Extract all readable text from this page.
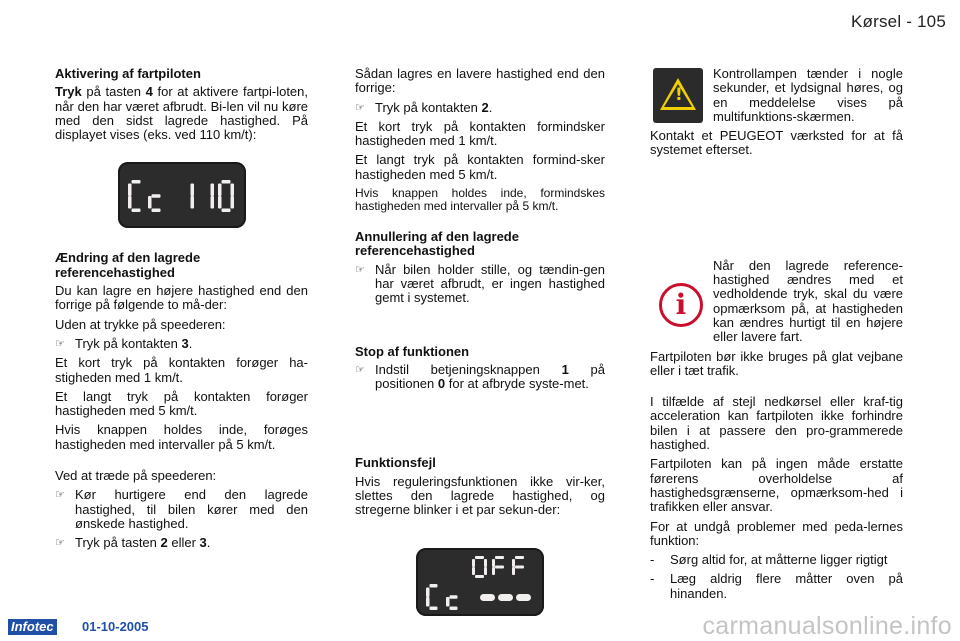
Kørsel - 105
Aktivering af fartpiloten

Tryk på tasten 4 for at aktivere fartpi-loten, når den har været afbrudt. Bi-len vil nu køre med den sidst lagrede hastighed. På displayet vises (eks. ved 110 km/t):

Ændring af den lagrede
referencehastighed

Du kan lagre en højere hastighed end den forrige på følgende to må-der:

Uden at trykke på speederen:

☞ Tryk på kontakten 3.

Et kort tryk på kontakten forøger ha-stigheden med 1 km/t.

Et langt tryk på kontakten forøger hastigheden med 5 km/t.

Hvis knappen holdes inde, forøges hastigheden med intervaller på 5 km/t.

Ved at træde på speederen:

☞ Kør hurtigere end den lagrede hastighed, til bilen kører med den ønskede hastighed.
☞ Tryk på tasten 2 eller 3.

Sådan lagres en lavere hastighed end den forrige:

☞ Tryk på kontakten 2.

Et kort tryk på kontakten formindsker hastigheden med 1 km/t.

Et langt tryk på kontakten formind-sker hastigheden med 5 km/t.

Hvis knappen holdes inde, formindskes hastigheden med intervaller på 5 km/t.

Annullering af den lagrede
referencehastighed
☞ Når bilen holder stille, og tændin-gen har været afbrudt, er ingen hastighed gemt i systemet.
Stop af funktionen
☞ Indstil betjeningsknappen 1 på positionen 0 for at afbryde syste-met.
Funktionsfejl

Hvis reguleringsfunktionen ikke vir-ker, slettes den lagrede hastighed, og stregerne blinker i et par sekun-der:

!
i

Kontrollampen tænder i nogle sekunder, et lydsignal høres, og en meddelelse vises på multifunktions-skærmen.

Kontakt et PEUGEOT værksted for at få systemet efterset.

Når den lagrede reference-hastighed ændres med et vedholdende tryk, skal du være opmærksom på, at hastigheden kan ændres hurtigt til en højere eller lavere fart.

Fartpiloten bør ikke bruges på glat vejbane eller i tæt trafik.

I tilfælde af stejl nedkørsel eller kraf-tig acceleration kan fartpiloten ikke forhindre bilen i at passere den pro-grammerede hastighed.

Fartpiloten kan på ingen måde erstatte førerens overholdelse af hastighedsgrænserne, opmærksom-hed i trafikken eller ansvar.

For at undgå problemer med peda-lernes funktion:

-	Sørg altid for, at måtterne ligger rigtigt
-	Læg aldrig flere måtter oven på hinanden.
Infotec 01-10-2005	carmanualsonline.info
